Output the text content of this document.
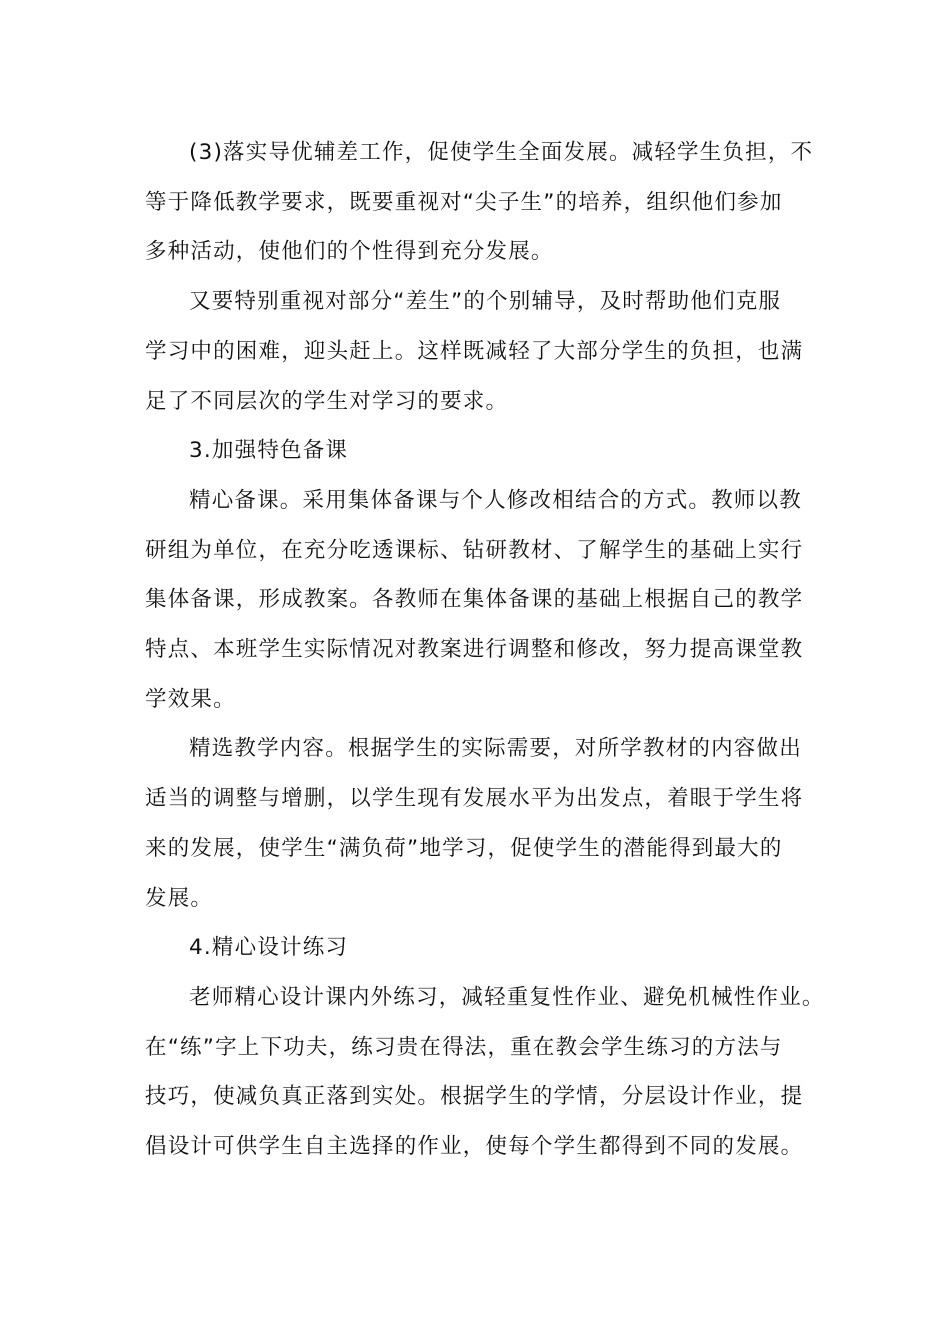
(3)落实导优辅差工作，促使学生全面发展。减轻学生负担，不
等于降低教学要求，既要重视对“尖子生”的培养，组织他们参加
多种活动，使他们的个性得到充分发展。

又要特别重视对部分“差生”的个别辅导，及时帮助他们克服
学习中的困难，迎头赶上。这样既减轻了大部分学生的负担，也满
足了不同层次的学生对学习的要求。

3.加强特色备课

精心备课。采用集体备课与个人修改相结合的方式。教师以教
研组为单位，在充分吃透课标、钻研教材、了解学生的基础上实行
集体备课，形成教案。各教师在集体备课的基础上根据自己的教学
特点、本班学生实际情况对教案进行调整和修改，努力提高课堂教
学效果。

精选教学内容。根据学生的实际需要，对所学教材的内容做出
适当的调整与增删，以学生现有发展水平为出发点，着眼于学生将
来的发展，使学生“满负荷”地学习，促使学生的潜能得到最大的
发展。

4.精心设计练习

老师精心设计课内外练习，减轻重复性作业、避免机械性作业。
在“练”字上下功夫，练习贵在得法，重在教会学生练习的方法与
技巧，使减负真正落到实处。根据学生的学情，分层设计作业，提
倡设计可供学生自主选择的作业，使每个学生都得到不同的发展。
